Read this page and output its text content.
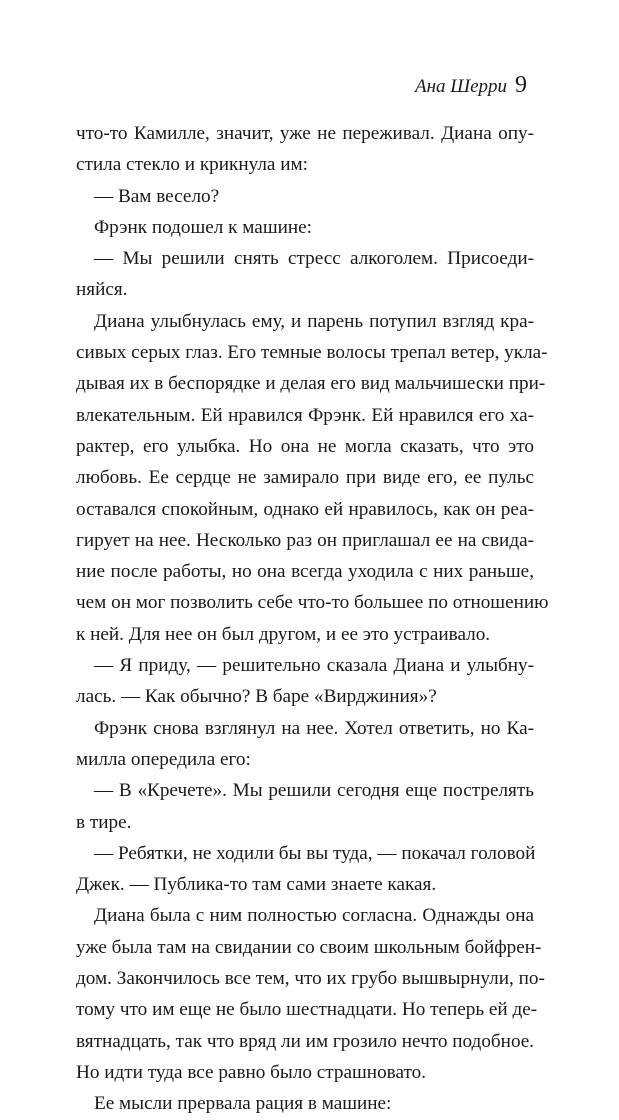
Ана Шерри 9
что-то Камилле, значит, уже не переживал. Диана опу-
стила стекло и крикнула им:
— Вам весело?
Фрэнк подошел к машине:
— Мы решили снять стресс алкоголем. Присоеди-
няйся.
Диана улыбнулась ему, и парень потупил взгляд кра-
сивых серых глаз. Его темные волосы трепал ветер, укла-
дывая их в беспорядке и делая его вид мальчишески при-
влекательным. Ей нравился Фрэнк. Ей нравился его ха-
рактер, его улыбка. Но она не могла сказать, что это
любовь. Ее сердце не замирало при виде его, ее пульс
оставался спокойным, однако ей нравилось, как он реа-
гирует на нее. Несколько раз он приглашал ее на свида-
ние после работы, но она всегда уходила с них раньше,
чем он мог позволить себе что-то большее по отношению
к ней. Для нее он был другом, и ее это устраивало.
— Я приду, — решительно сказала Диана и улыбну-
лась. — Как обычно? В баре «Вирджиния»?
Фрэнк снова взглянул на нее. Хотел ответить, но Ка-
милла опередила его:
— В «Кречете». Мы решили сегодня еще пострелять
в тире.
— Ребятки, не ходили бы вы туда, — покачал головой
Джек. — Публика-то там сами знаете какая.
Диана была с ним полностью согласна. Однажды она
уже была там на свидании со своим школьным бойфрен-
дом. Закончилось все тем, что их грубо вышвырнули, по-
тому что им еще не было шестнадцати. Но теперь ей де-
вятнадцать, так что вряд ли им грозило нечто подобное.
Но идти туда все равно было страшновато.
Ее мысли прервала рация в машине:
